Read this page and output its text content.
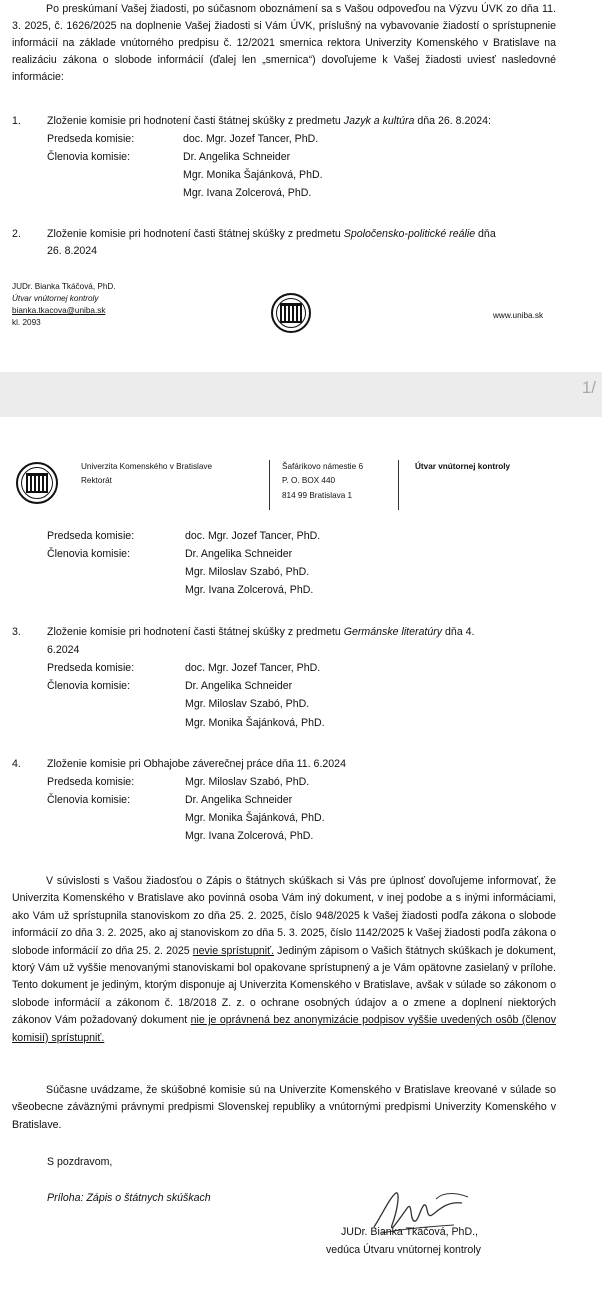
Po preskúmaní Vašej žiadosti, po súčasnom oboznámení sa s Vašou odpoveďou na Výzvu ÚVK zo dňa 11. 3. 2025, č. 1626/2025 na doplnenie Vašej žiadosti si Vám ÚVK, príslušný na vybavovanie žiadostí o sprístupnenie informácií na základe vnútorného predpisu č. 12/2021 smernica rektora Univerzity Komenského v Bratislave na realizáciu zákona o slobode informácií (ďalej len „smernica“) dovoľujeme k Vašej žiadosti uviesť nasledovné informácie:

1. Zloženie komisie pri hodnotení časti štátnej skúšky z predmetu Jazyk a kultúra dňa 26. 8.2024:
Predseda komisie:	doc. Mgr. Jozef Tancer, PhD.
Členovia komisie:	Dr. Angelika Schneider
Mgr. Monika Šajánková, PhD.
Mgr. Ivana Zolcerová, PhD.
2. Zloženie komisie pri hodnotení časti štátnej skúšky z predmetu Spoločensko-politické reálie dňa
26. 8.2024
JUDr. Bianka Tkáčová, PhD.
Útvar vnútornej kontroly
bianka.tkacova@uniba.sk
kl. 2093
www.uniba.sk
1/
Univerzita Komenského v Bratislave
Rektorát
Šafárikovo námestie 6
P. O. BOX 440
814 99 Bratislava 1
Útvar vnútornej kontroly
Predseda komisie:	doc. Mgr. Jozef Tancer, PhD.
Členovia komisie:	Dr. Angelika Schneider
Mgr. Miloslav Szabó, PhD.
Mgr. Ivana Zolcerová, PhD.
3. Zloženie komisie pri hodnotení časti štátnej skúšky z predmetu Germánske literatúry dňa 4.
6.2024
Predseda komisie:	doc. Mgr. Jozef Tancer, PhD.
Členovia komisie:	Dr. Angelika Schneider
Mgr. Miloslav Szabó, PhD.
Mgr. Monika Šajánková, PhD.
4. Zloženie komisie pri Obhajobe záverečnej práce dňa 11. 6.2024
Predseda komisie:	Mgr. Miloslav Szabó, PhD.
Členovia komisie:	Dr. Angelika Schneider
Mgr. Monika Šajánková, PhD.
Mgr. Ivana Zolcerová, PhD.

V súvislosti s Vašou žiadosťou o Zápis o štátnych skúškach si Vás pre úplnosť dovoľujeme informovať, že Univerzita Komenského v Bratislave ako povinná osoba Vám iný dokument, v inej podobe a s inými informáciami, ako Vám už sprístupnila stanoviskom zo dňa 25. 2. 2025, číslo 948/2025 k Vašej žiadosti podľa zákona o slobode informácií zo dňa 3. 2. 2025, ako aj stanoviskom zo dňa 5. 3. 2025, číslo 1142/2025 k Vašej žiadosti podľa zákona o slobode informácií zo dňa 25. 2. 2025 nevie sprístupniť. Jediným zápisom o Vašich štátnych skúškach je dokument, ktorý Vám už vyššie menovanými stanoviskami bol opakovane sprístupnený a je Vám opätovne zasielaný v prílohe. Tento dokument je jediným, ktorým disponuje aj Univerzita Komenského v Bratislave, avšak v súlade so zákonom o slobode informácií a zákonom č. 18/2018 Z. z. o ochrane osobných údajov a o zmene a doplnení niektorých zákonov Vám požadovaný dokument nie je oprávnená bez anonymizácie podpisov vyššie uvedených osôb (členov komisií) sprístupniť.

Súčasne uvádzame, že skúšobné komisie sú na Univerzite Komenského v Bratislave kreované v súlade so všeobecne záväznými právnymi predpismi Slovenskej republiky a vnútornými predpismi Univerzity Komenského v Bratislave.

S pozdravom,
Príloha: Zápis o štátnych skúškach
JUDr. Bianka Tkáčová, PhD.,
vedúca Útvaru vnútornej kontroly
